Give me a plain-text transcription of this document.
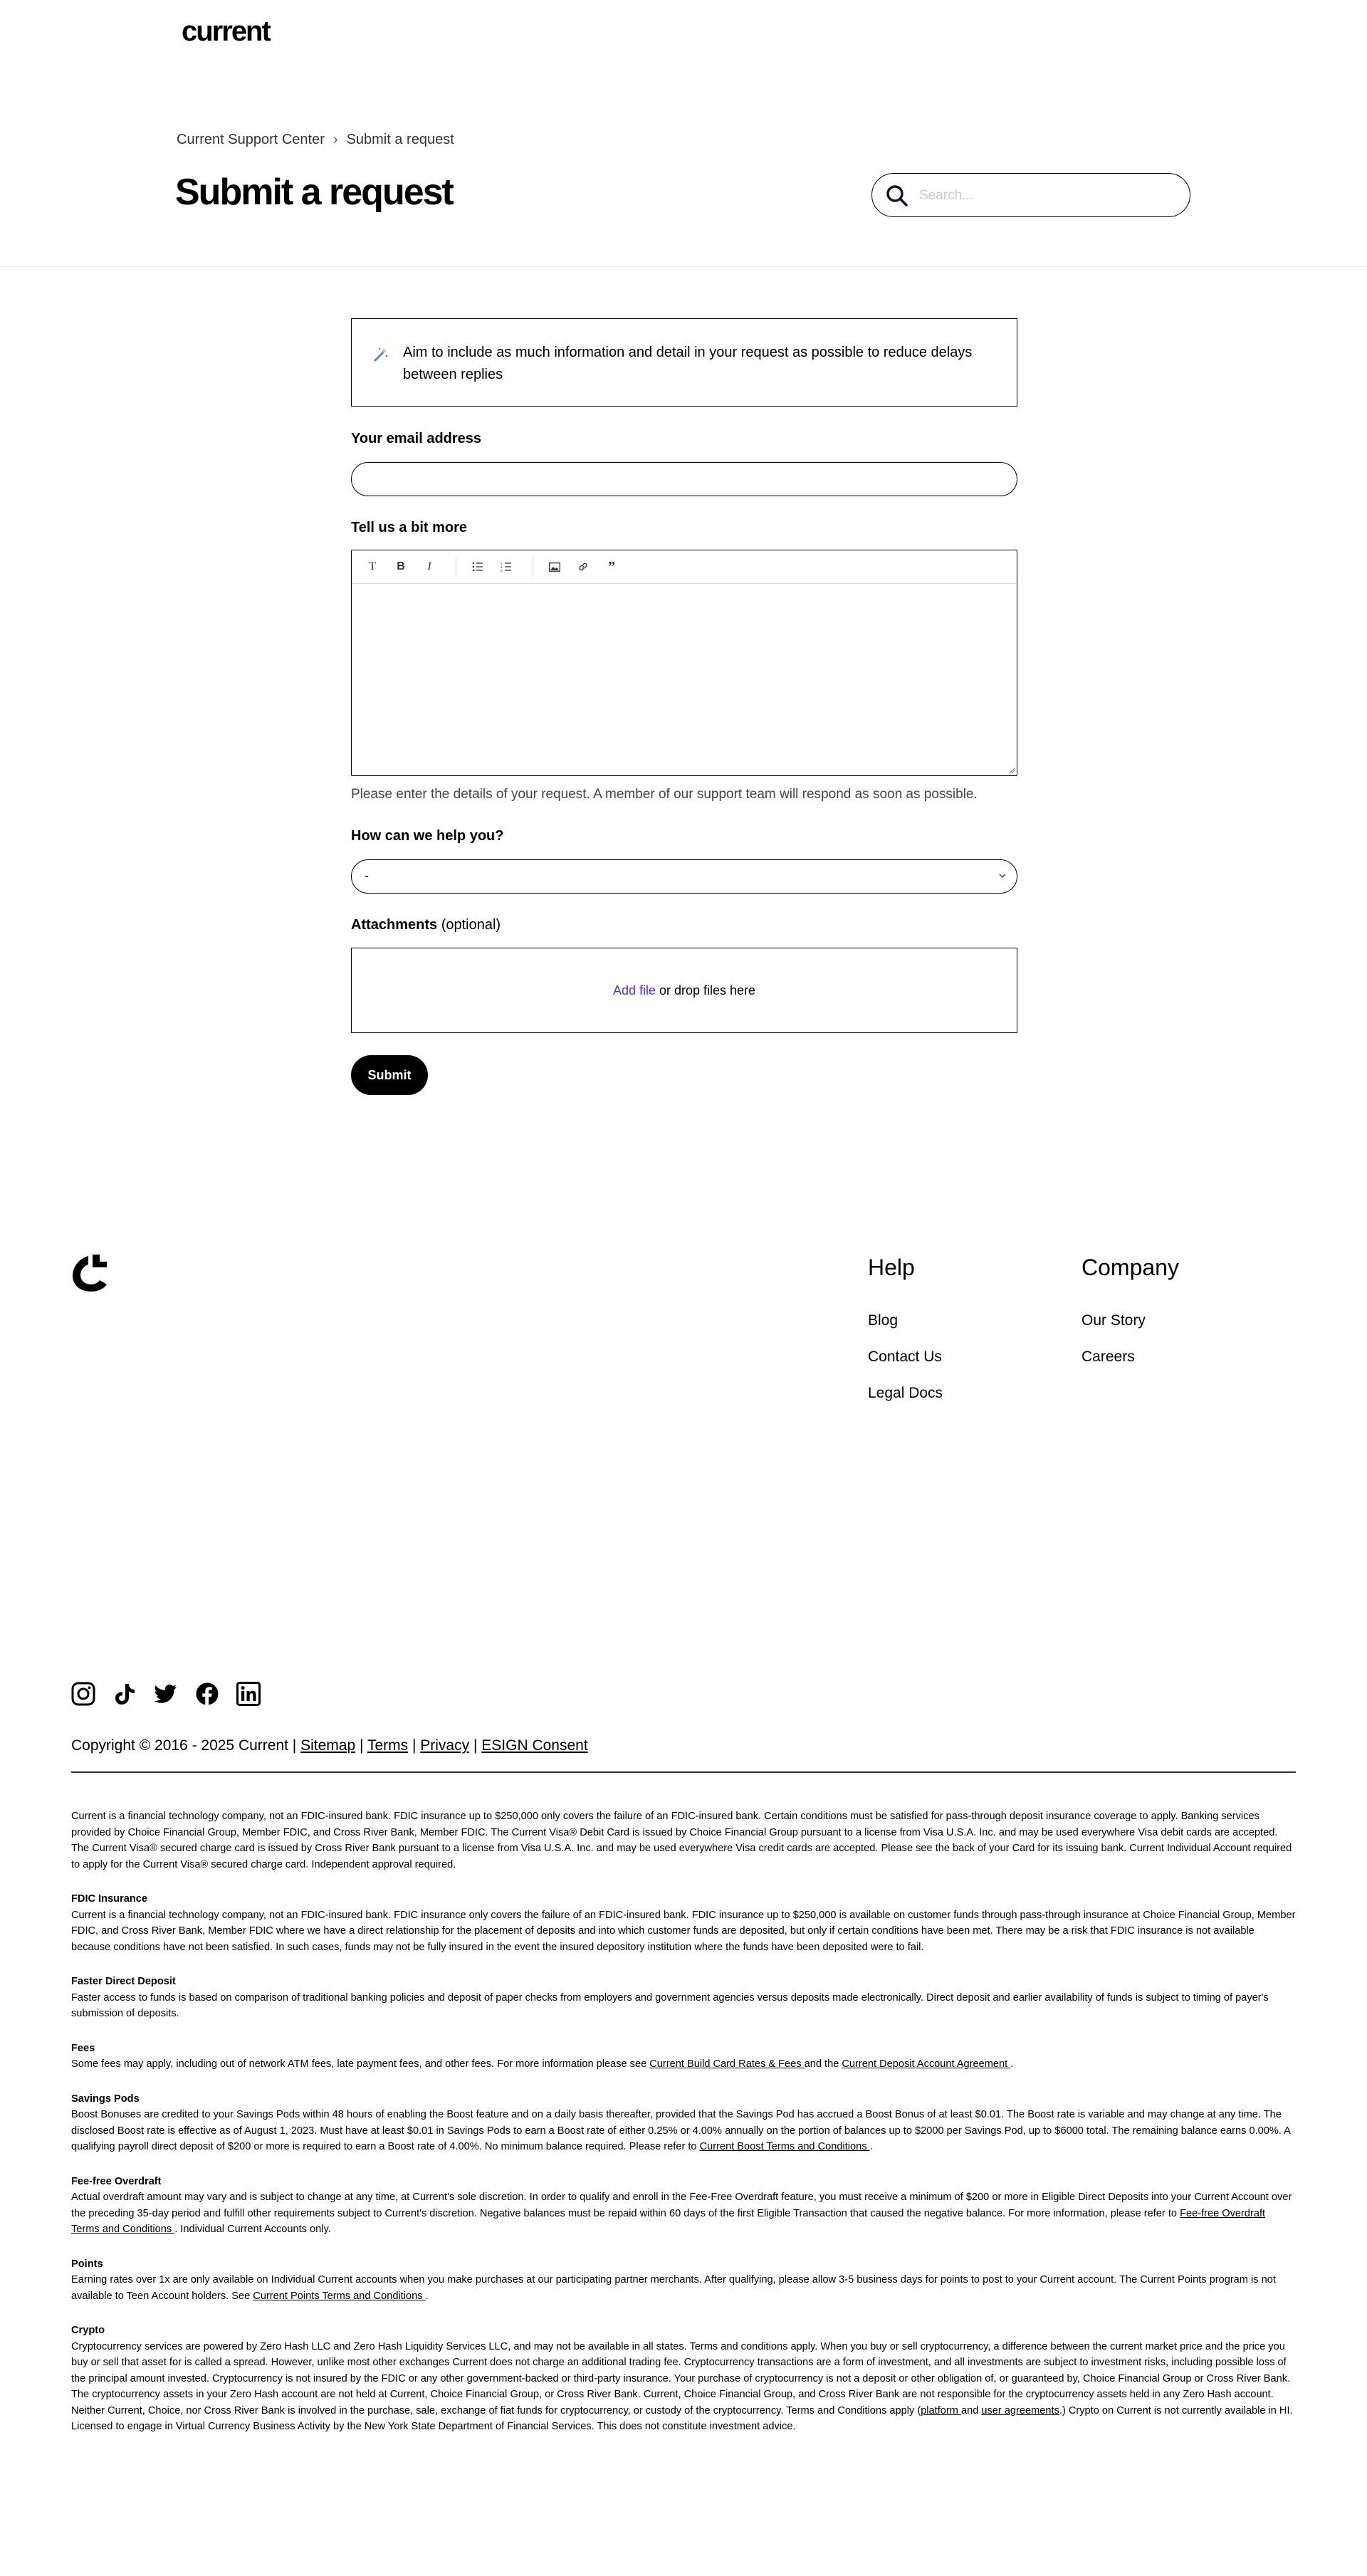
current
Current Support Center › Submit a request
Submit a request
Search...
Aim to include as much information and detail in your request as possible to reduce delays between replies
Your email address
Tell us a bit more
T	B	I	1
2
3	”
Please enter the details of your request. A member of our support team will respond as soon as possible.
How can we help you?
-
Attachments (optional)
Add file or drop files here
Submit
Help
Blog
Contact Us
Legal Docs
Company
Our Story
Careers
Copyright © 2016 - 2025 Current | Sitemap | Terms | Privacy | ESIGN Consent

Current is a financial technology company, not an FDIC-insured bank. FDIC insurance up to $250,000 only covers the failure of an FDIC-insured bank. Certain conditions must be satisfied for pass-through deposit insurance coverage to apply. Banking services provided by Choice Financial Group, Member FDIC, and Cross River Bank, Member FDIC. The Current Visa® Debit Card is issued by Choice Financial Group pursuant to a license from Visa U.S.A. Inc. and may be used everywhere Visa debit cards are accepted. The Current Visa® secured charge card is issued by Cross River Bank pursuant to a license from Visa U.S.A. Inc. and may be used everywhere Visa credit cards are accepted. Please see the back of your Card for its issuing bank. Current Individual Account required to apply for the Current Visa® secured charge card. Independent approval required.

FDIC Insurance

Current is a financial technology company, not an FDIC-insured bank. FDIC insurance only covers the failure of an FDIC-insured bank. FDIC insurance up to $250,000 is available on customer funds through pass-through insurance at Choice Financial Group, Member FDIC, and Cross River Bank, Member FDIC where we have a direct relationship for the placement of deposits and into which customer funds are deposited, but only if certain conditions have been met. There may be a risk that FDIC insurance is not available because conditions have not been satisfied. In such cases, funds may not be fully insured in the event the insured depository institution where the funds have been deposited were to fail.

Faster Direct Deposit

Faster access to funds is based on comparison of traditional banking policies and deposit of paper checks from employers and government agencies versus deposits made electronically. Direct deposit and earlier availability of funds is subject to timing of payer's submission of deposits.

Fees

Some fees may apply, including out of network ATM fees, late payment fees, and other fees. For more information please see Current Build Card Rates & Fees and the Current Deposit Account Agreement .

Savings Pods

Boost Bonuses are credited to your Savings Pods within 48 hours of enabling the Boost feature and on a daily basis thereafter, provided that the Savings Pod has accrued a Boost Bonus of at least $0.01. The Boost rate is variable and may change at any time. The disclosed Boost rate is effective as of August 1, 2023. Must have at least $0.01 in Savings Pods to earn a Boost rate of either 0.25% or 4.00% annually on the portion of balances up to $2000 per Savings Pod, up to $6000 total. The remaining balance earns 0.00%. A qualifying payroll direct deposit of $200 or more is required to earn a Boost rate of 4.00%. No minimum balance required. Please refer to Current Boost Terms and Conditions .

Fee-free Overdraft

Actual overdraft amount may vary and is subject to change at any time, at Current's sole discretion. In order to qualify and enroll in the Fee-Free Overdraft feature, you must receive a minimum of $200 or more in Eligible Direct Deposits into your Current Account over the preceding 35-day period and fulfill other requirements subject to Current's discretion. Negative balances must be repaid within 60 days of the first Eligible Transaction that caused the negative balance. For more information, please refer to Fee-free Overdraft Terms and Conditions . Individual Current Accounts only.

Points

Earning rates over 1x are only available on Individual Current accounts when you make purchases at our participating partner merchants. After qualifying, please allow 3-5 business days for points to post to your Current account. The Current Points program is not available to Teen Account holders. See Current Points Terms and Conditions .

Crypto

Cryptocurrency services are powered by Zero Hash LLC and Zero Hash Liquidity Services LLC, and may not be available in all states. Terms and conditions apply. When you buy or sell cryptocurrency, a difference between the current market price and the price you buy or sell that asset for is called a spread. However, unlike most other exchanges Current does not charge an additional trading fee. Cryptocurrency transactions are a form of investment, and all investments are subject to investment risks, including possible loss of the principal amount invested. Cryptocurrency is not insured by the FDIC or any other government-backed or third-party insurance. Your purchase of cryptocurrency is not a deposit or other obligation of, or guaranteed by, Choice Financial Group or Cross River Bank. The cryptocurrency assets in your Zero Hash account are not held at Current, Choice Financial Group, or Cross River Bank. Current, Choice Financial Group, and Cross River Bank are not responsible for the cryptocurrency assets held in any Zero Hash account. Neither Current, Choice, nor Cross River Bank is involved in the purchase, sale, exchange of fiat funds for cryptocurrency, or custody of the cryptocurrency. Terms and Conditions apply (platform and user agreements.) Crypto on Current is not currently available in HI. Licensed to engage in Virtual Currency Business Activity by the New York State Department of Financial Services. This does not constitute investment advice.
